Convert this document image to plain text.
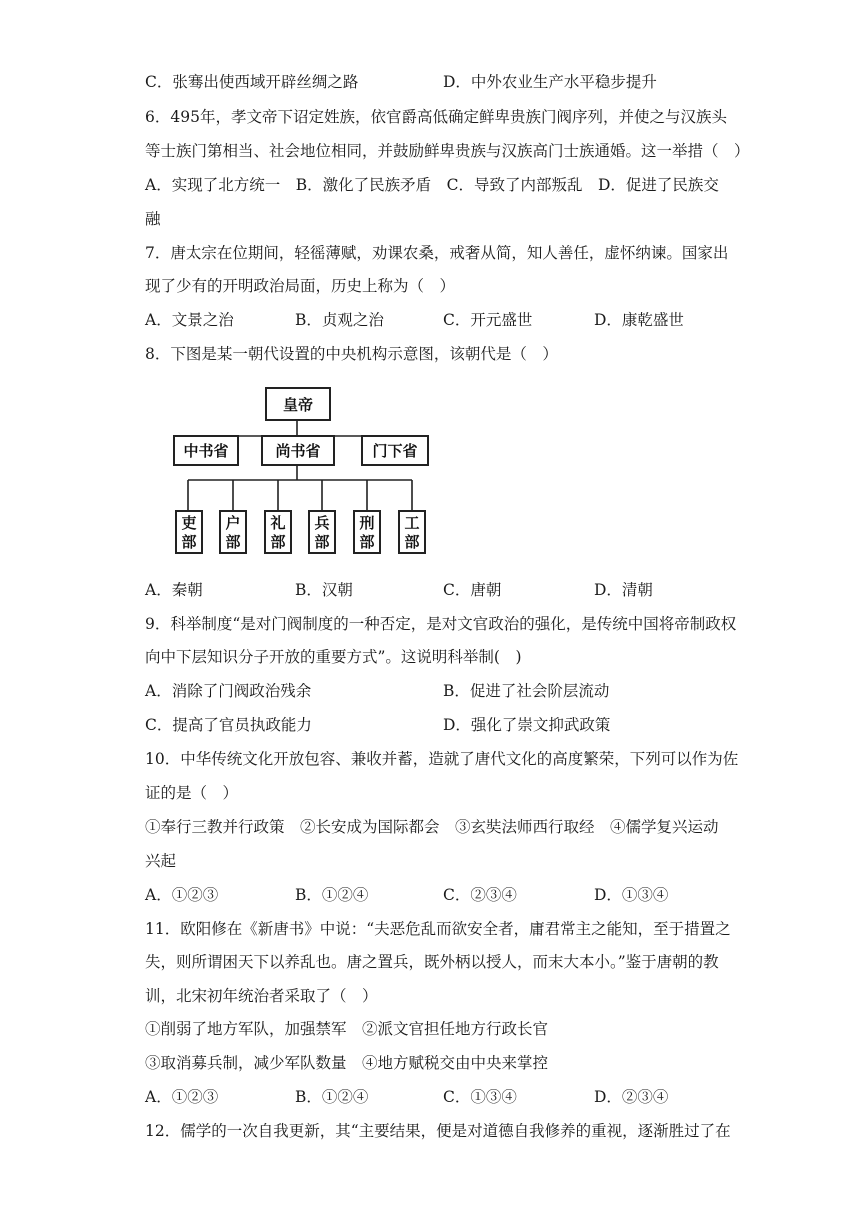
C．张骞出使西域开辟丝绸之路	D．中外农业生产水平稳步提升
6．495年，孝文帝下诏定姓族，依官爵高低确定鲜卑贵族门阀序列，并使之与汉族头
等士族门第相当、社会地位相同，并鼓励鲜卑贵族与汉族高门士族通婚。这一举措（　）
A．实现了北方统一　B．激化了民族矛盾　C．导致了内部叛乱　D．促进了民族交
融
7．唐太宗在位期间，轻徭薄赋，劝课农桑，戒奢从简，知人善任，虚怀纳谏。国家出
现了少有的开明政治局面，历史上称为（　）
A．文景之治	B．贞观之治	C．开元盛世	D．康乾盛世
8．下图是某一朝代设置的中央机构示意图，该朝代是（　）
皇帝
中书省	尚书省	门下省
吏
部
户
部
礼
部
兵
部
刑
部
工
部
A．秦朝	B．汉朝	C．唐朝	D．清朝
9．科举制度“是对门阀制度的一种否定，是对文官政治的强化，是传统中国将帝制政权
向中下层知识分子开放的重要方式”。这说明科举制(　)
A．消除了门阀政治残余	B．促进了社会阶层流动
C．提高了官员执政能力	D．强化了崇文抑武政策
10．中华传统文化开放包容、兼收并蓄，造就了唐代文化的高度繁荣，下列可以作为佐
证的是（　）
①奉行三教并行政策　②长安成为国际都会　③玄奘法师西行取经　④儒学复兴运动
兴起
A．①②③	B．①②④	C．②③④	D．①③④
11．欧阳修在《新唐书》中说：“夫恶危乱而欲安全者，庸君常主之能知，至于措置之
失，则所谓困天下以养乱也。唐之置兵，既外柄以授人，而末大本小。”鉴于唐朝的教
训，北宋初年统治者采取了（　）
①削弱了地方军队，加强禁军　②派文官担任地方行政长官
③取消募兵制，减少军队数量　④地方赋税交由中央来掌控
A．①②③	B．①②④	C．①③④	D．②③④
12．儒学的一次自我更新，其“主要结果，便是对道德自我修养的重视，逐渐胜过了在
